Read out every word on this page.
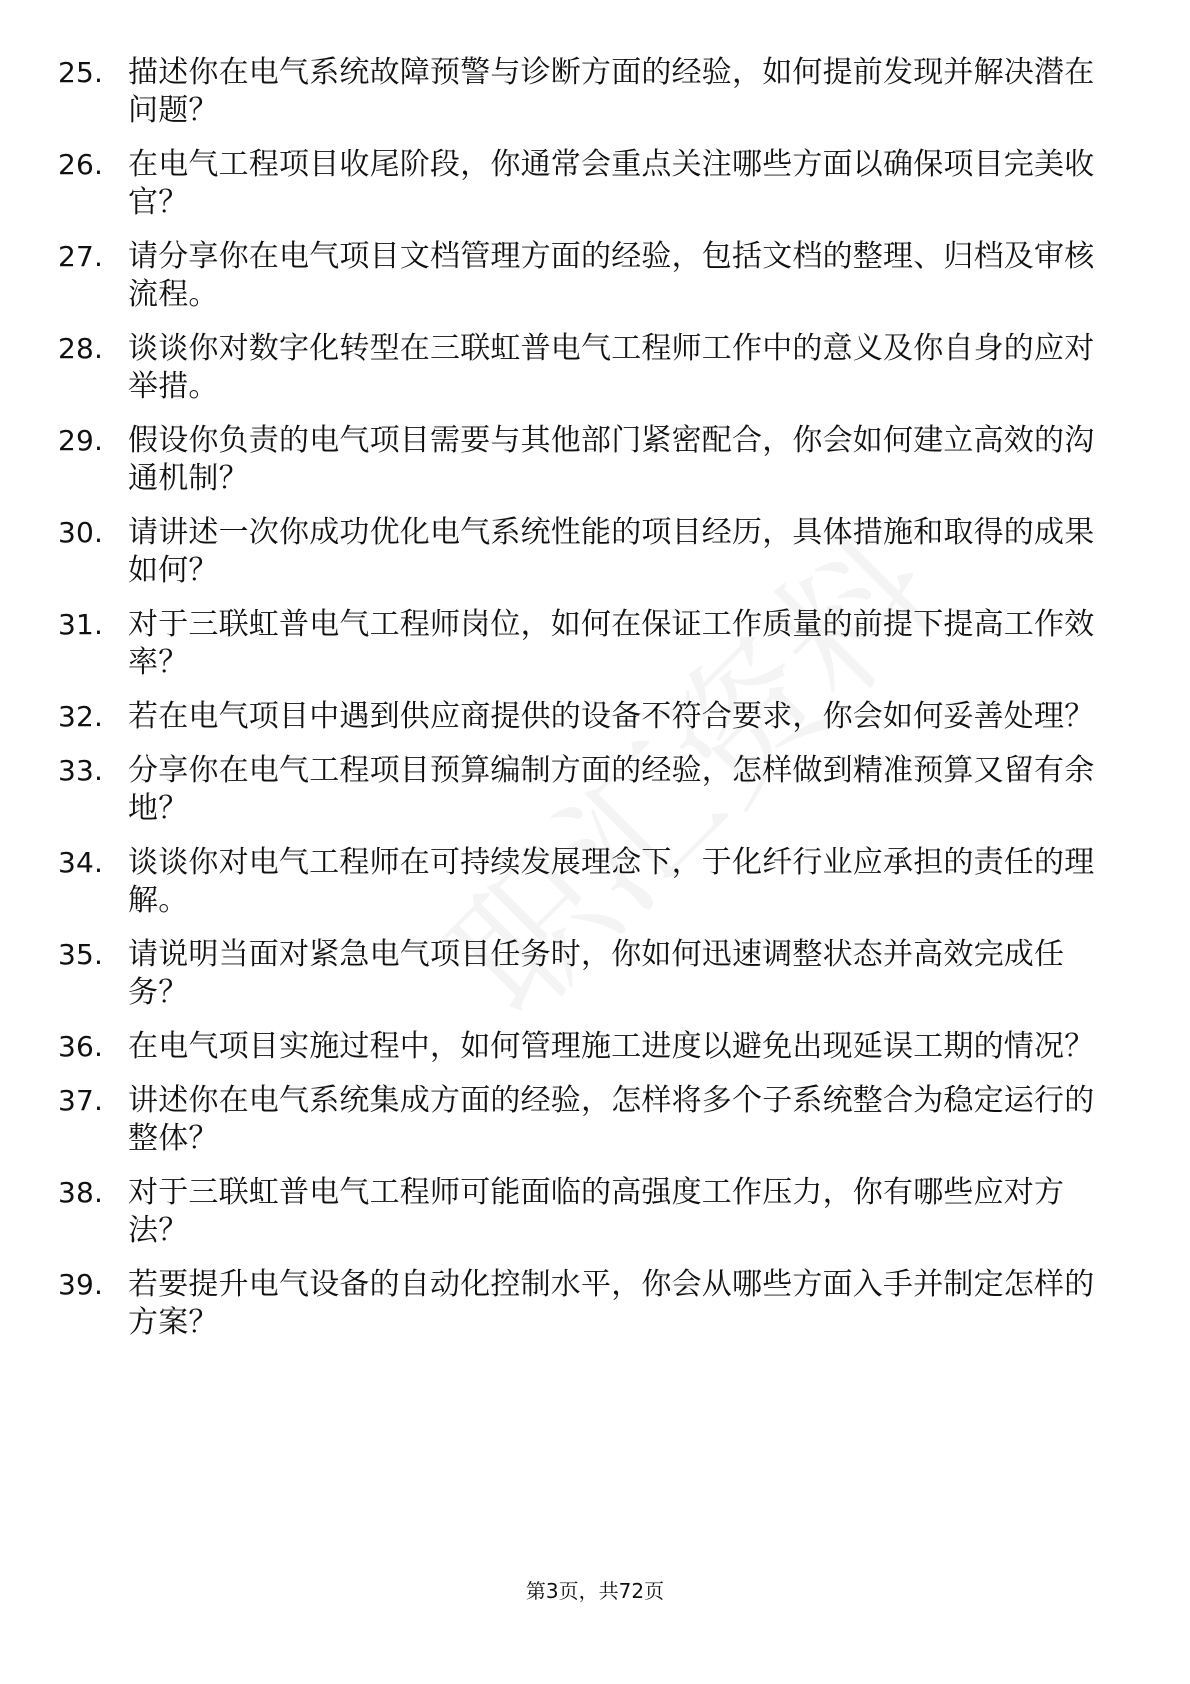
25. 描述你在电气系统故障预警与诊断方面的经验，如何提前发现并解决潜在问题？
26. 在电气工程项目收尾阶段，你通常会重点关注哪些方面以确保项目完美收官？
27. 请分享你在电气项目文档管理方面的经验，包括文档的整理、归档及审核流程。
28. 谈谈你对数字化转型在三联虹普电气工程师工作中的意义及你自身的应对举措。
29. 假设你负责的电气项目需要与其他部门紧密配合，你会如何建立高效的沟通机制？
30. 请讲述一次你成功优化电气系统性能的项目经历，具体措施和取得的成果如何？
31. 对于三联虹普电气工程师岗位，如何在保证工作质量的前提下提高工作效率？
32. 若在电气项目中遇到供应商提供的设备不符合要求，你会如何妥善处理？
33. 分享你在电气工程项目预算编制方面的经验，怎样做到精准预算又留有余地？
34. 谈谈你对电气工程师在可持续发展理念下，于化纤行业应承担的责任的理解。
35. 请说明当面对紧急电气项目任务时，你如何迅速调整状态并高效完成任务？
36. 在电气项目实施过程中，如何管理施工进度以避免出现延误工期的情况？
37. 讲述你在电气系统集成方面的经验，怎样将多个子系统整合为稳定运行的整体？
38. 对于三联虹普电气工程师可能面临的高强度工作压力，你有哪些应对方法？
39. 若要提升电气设备的自动化控制水平，你会从哪些方面入手并制定怎样的方案？
第3页，共72页
